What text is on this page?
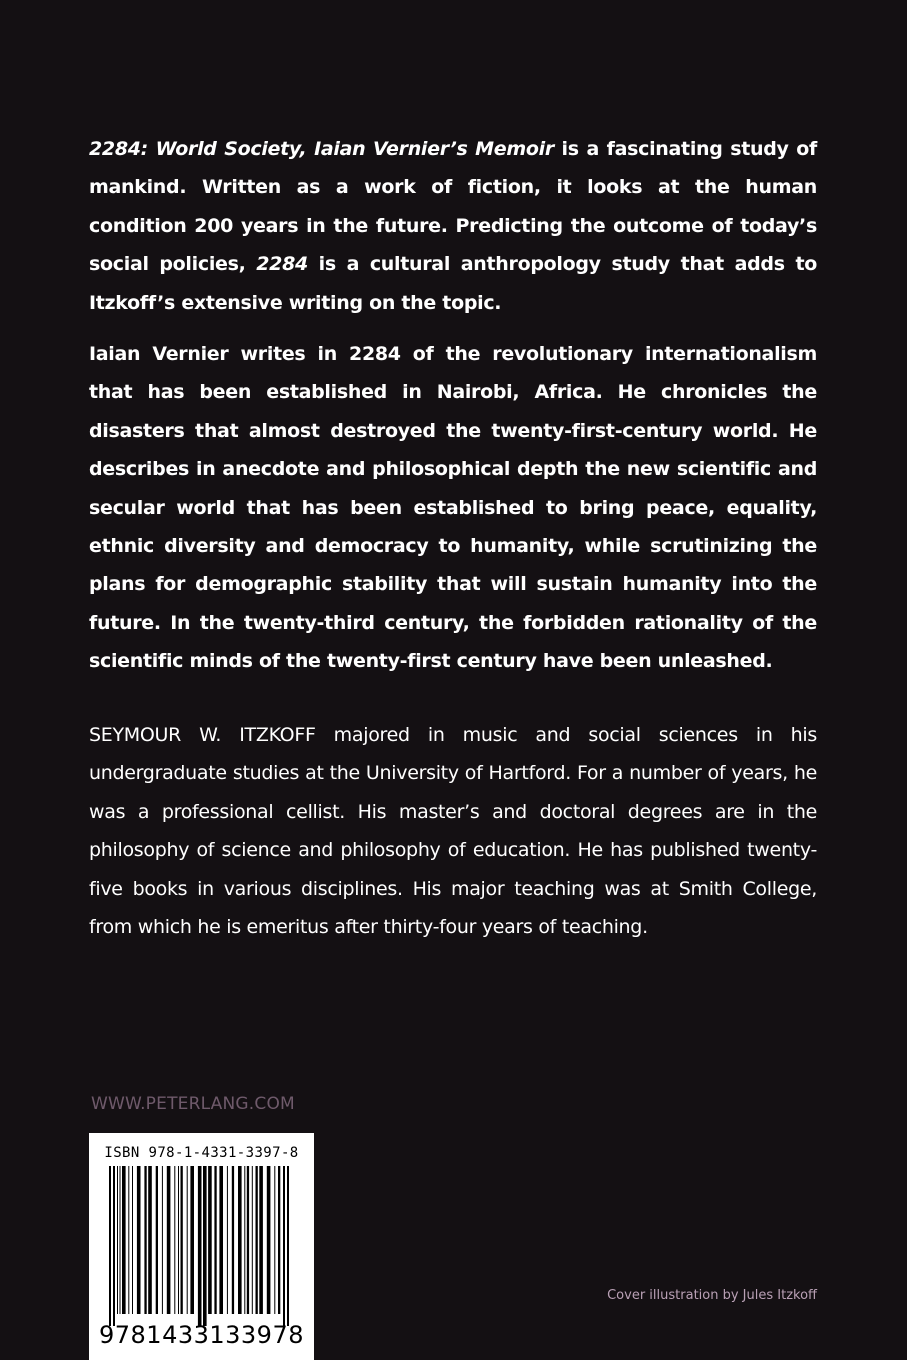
2284: World Society, Iaian Vernier’s Memoir is a fascinating study of mankind. Written as a work of fiction, it looks at the human condition 200 years in the future. Predicting the outcome of today’s social policies, 2284 is a cultural anthropology study that adds to Itzkoff’s extensive writing on the topic.

Iaian Vernier writes in 2284 of the revolutionary internationalism that has been established in Nairobi, Africa. He chronicles the disasters that almost destroyed the twenty-first-century world. He describes in anecdote and philosophical depth the new scientific and secular world that has been established to bring peace, equality, ethnic diversity and democracy to humanity, while scrutinizing the plans for demographic stability that will sustain humanity into the future. In the twenty-third century, the forbidden rationality of the scientific minds of the twenty-first century have been unleashed.

SEYMOUR W. ITZKOFF majored in music and social sciences in his undergraduate studies at the University of Hartford. For a number of years, he was a professional cellist. His master’s and doctoral degrees are in the philosophy of science and philosophy of education. He has published twenty-five books in various disciplines. His major teaching was at Smith College, from which he is emeritus after thirty-four years of teaching.

WWW.PETERLANG.COM
ISBN 978-1-4331-3397-8
9781433133978
Cover illustration by Jules Itzkoff
